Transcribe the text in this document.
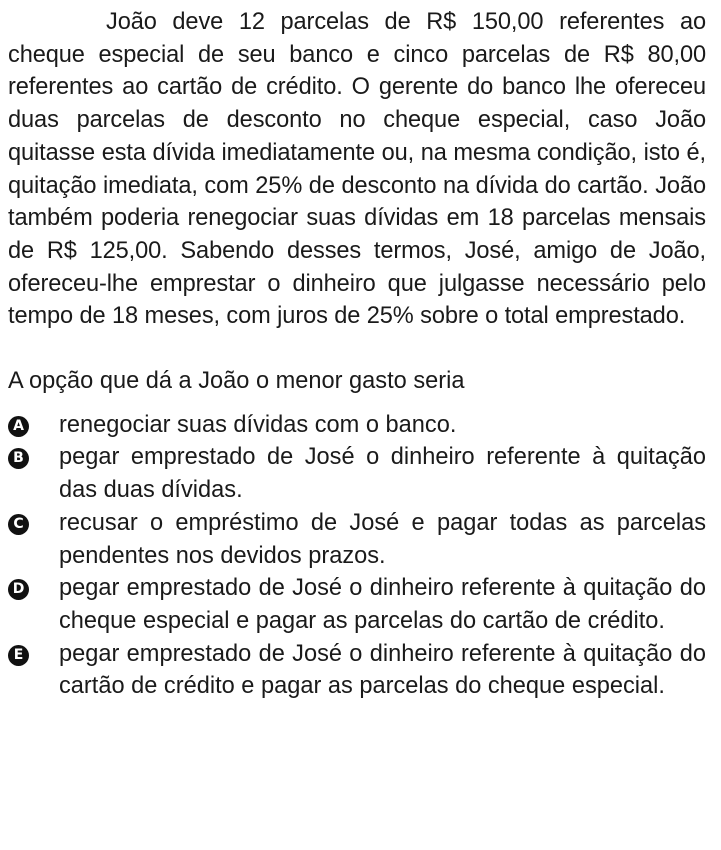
João deve 12 parcelas de R$ 150,00 referentes ao cheque especial de seu banco e cinco parcelas de R$ 80,00 referentes ao cartão de crédito. O gerente do banco lhe ofereceu duas parcelas de desconto no cheque especial, caso João quitasse esta dívida imediatamente ou, na mesma condição, isto é, quitação imediata, com 25% de desconto na dívida do cartão. João também poderia renegociar suas dívidas em 18 parcelas mensais de R$ 125,00. Sabendo desses termos, José, amigo de João, ofereceu-lhe emprestar o dinheiro que julgasse necessário pelo tempo de 18 meses, com juros de 25% sobre o total emprestado.

A opção que dá a João o menor gasto seria

A renegociar suas dívidas com o banco.
B pegar emprestado de José o dinheiro referente à quitação das duas dívidas.
C recusar o empréstimo de José e pagar todas as parcelas pendentes nos devidos prazos.
D pegar emprestado de José o dinheiro referente à quitação do cheque especial e pagar as parcelas do cartão de crédito.
E pegar emprestado de José o dinheiro referente à quitação do cartão de crédito e pagar as parcelas do cheque especial.
